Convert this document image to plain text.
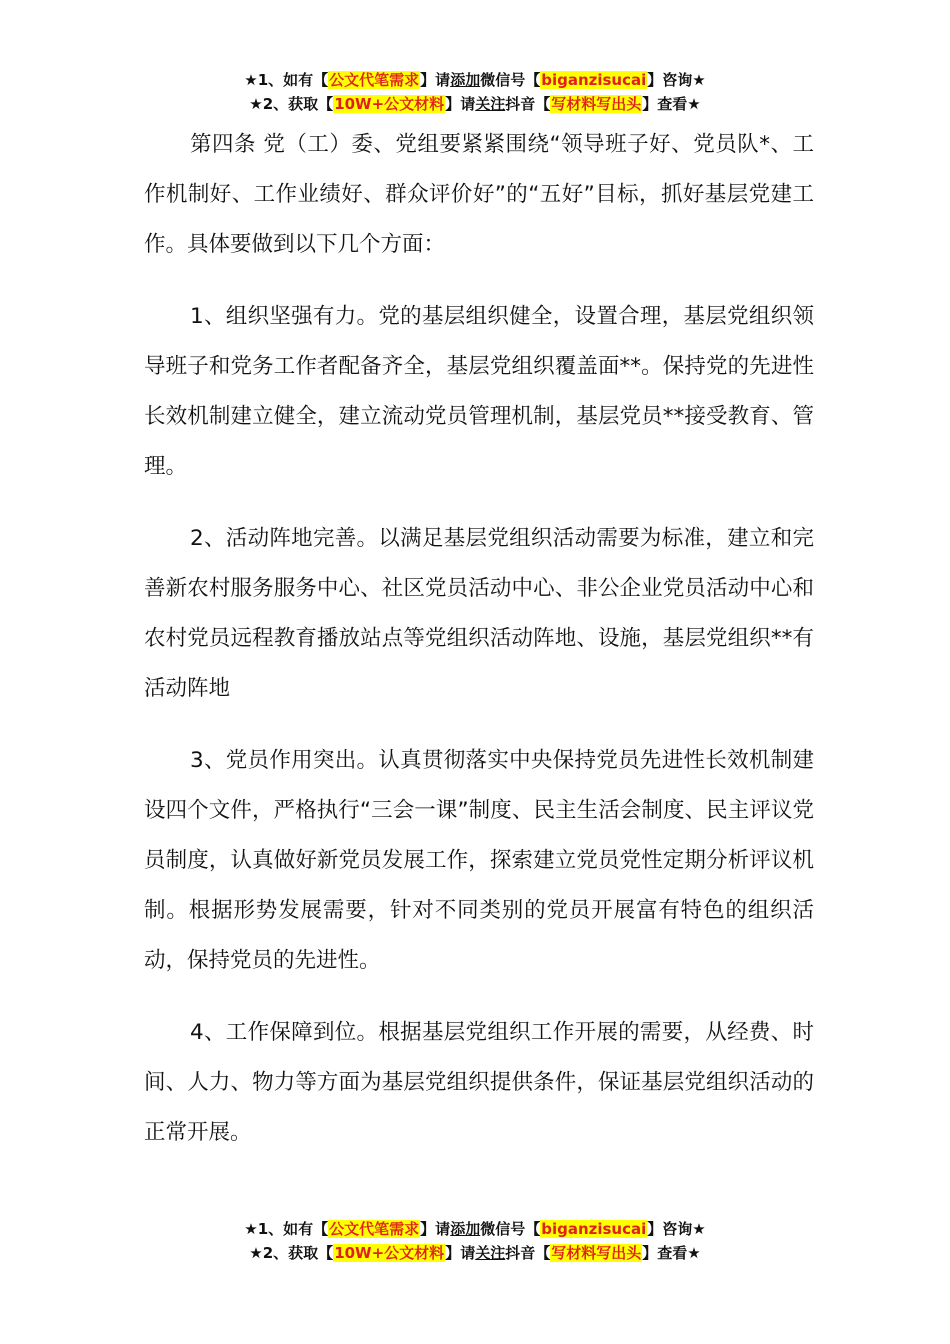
★1、如有【公文代笔需求】请添加微信号【biganzisucai】咨询★
★2、获取【10W+公文材料】请关注抖音【写材料写出头】查看★

第四条 党（工）委、党组要紧紧围绕“领导班子好、党员队*、工作机制好、工作业绩好、群众评价好”的“五好”目标，抓好基层党建工作。具体要做到以下几个方面：

1、组织坚强有力。党的基层组织健全，设置合理，基层党组织领导班子和党务工作者配备齐全，基层党组织覆盖面**。保持党的先进性长效机制建立健全，建立流动党员管理机制，基层党员**接受教育、管理。

2、活动阵地完善。以满足基层党组织活动需要为标准，建立和完善新农村服务服务中心、社区党员活动中心、非公企业党员活动中心和农村党员远程教育播放站点等党组织活动阵地、设施，基层党组织**有活动阵地

3、党员作用突出。认真贯彻落实中央保持党员先进性长效机制建设四个文件，严格执行“三会一课”制度、民主生活会制度、民主评议党员制度，认真做好新党员发展工作，探索建立党员党性定期分析评议机制。根据形势发展需要，针对不同类别的党员开展富有特色的组织活动，保持党员的先进性。

4、工作保障到位。根据基层党组织工作开展的需要，从经费、时间、人力、物力等方面为基层党组织提供条件，保证基层党组织活动的正常开展。

★1、如有【公文代笔需求】请添加微信号【biganzisucai】咨询★
★2、获取【10W+公文材料】请关注抖音【写材料写出头】查看★
